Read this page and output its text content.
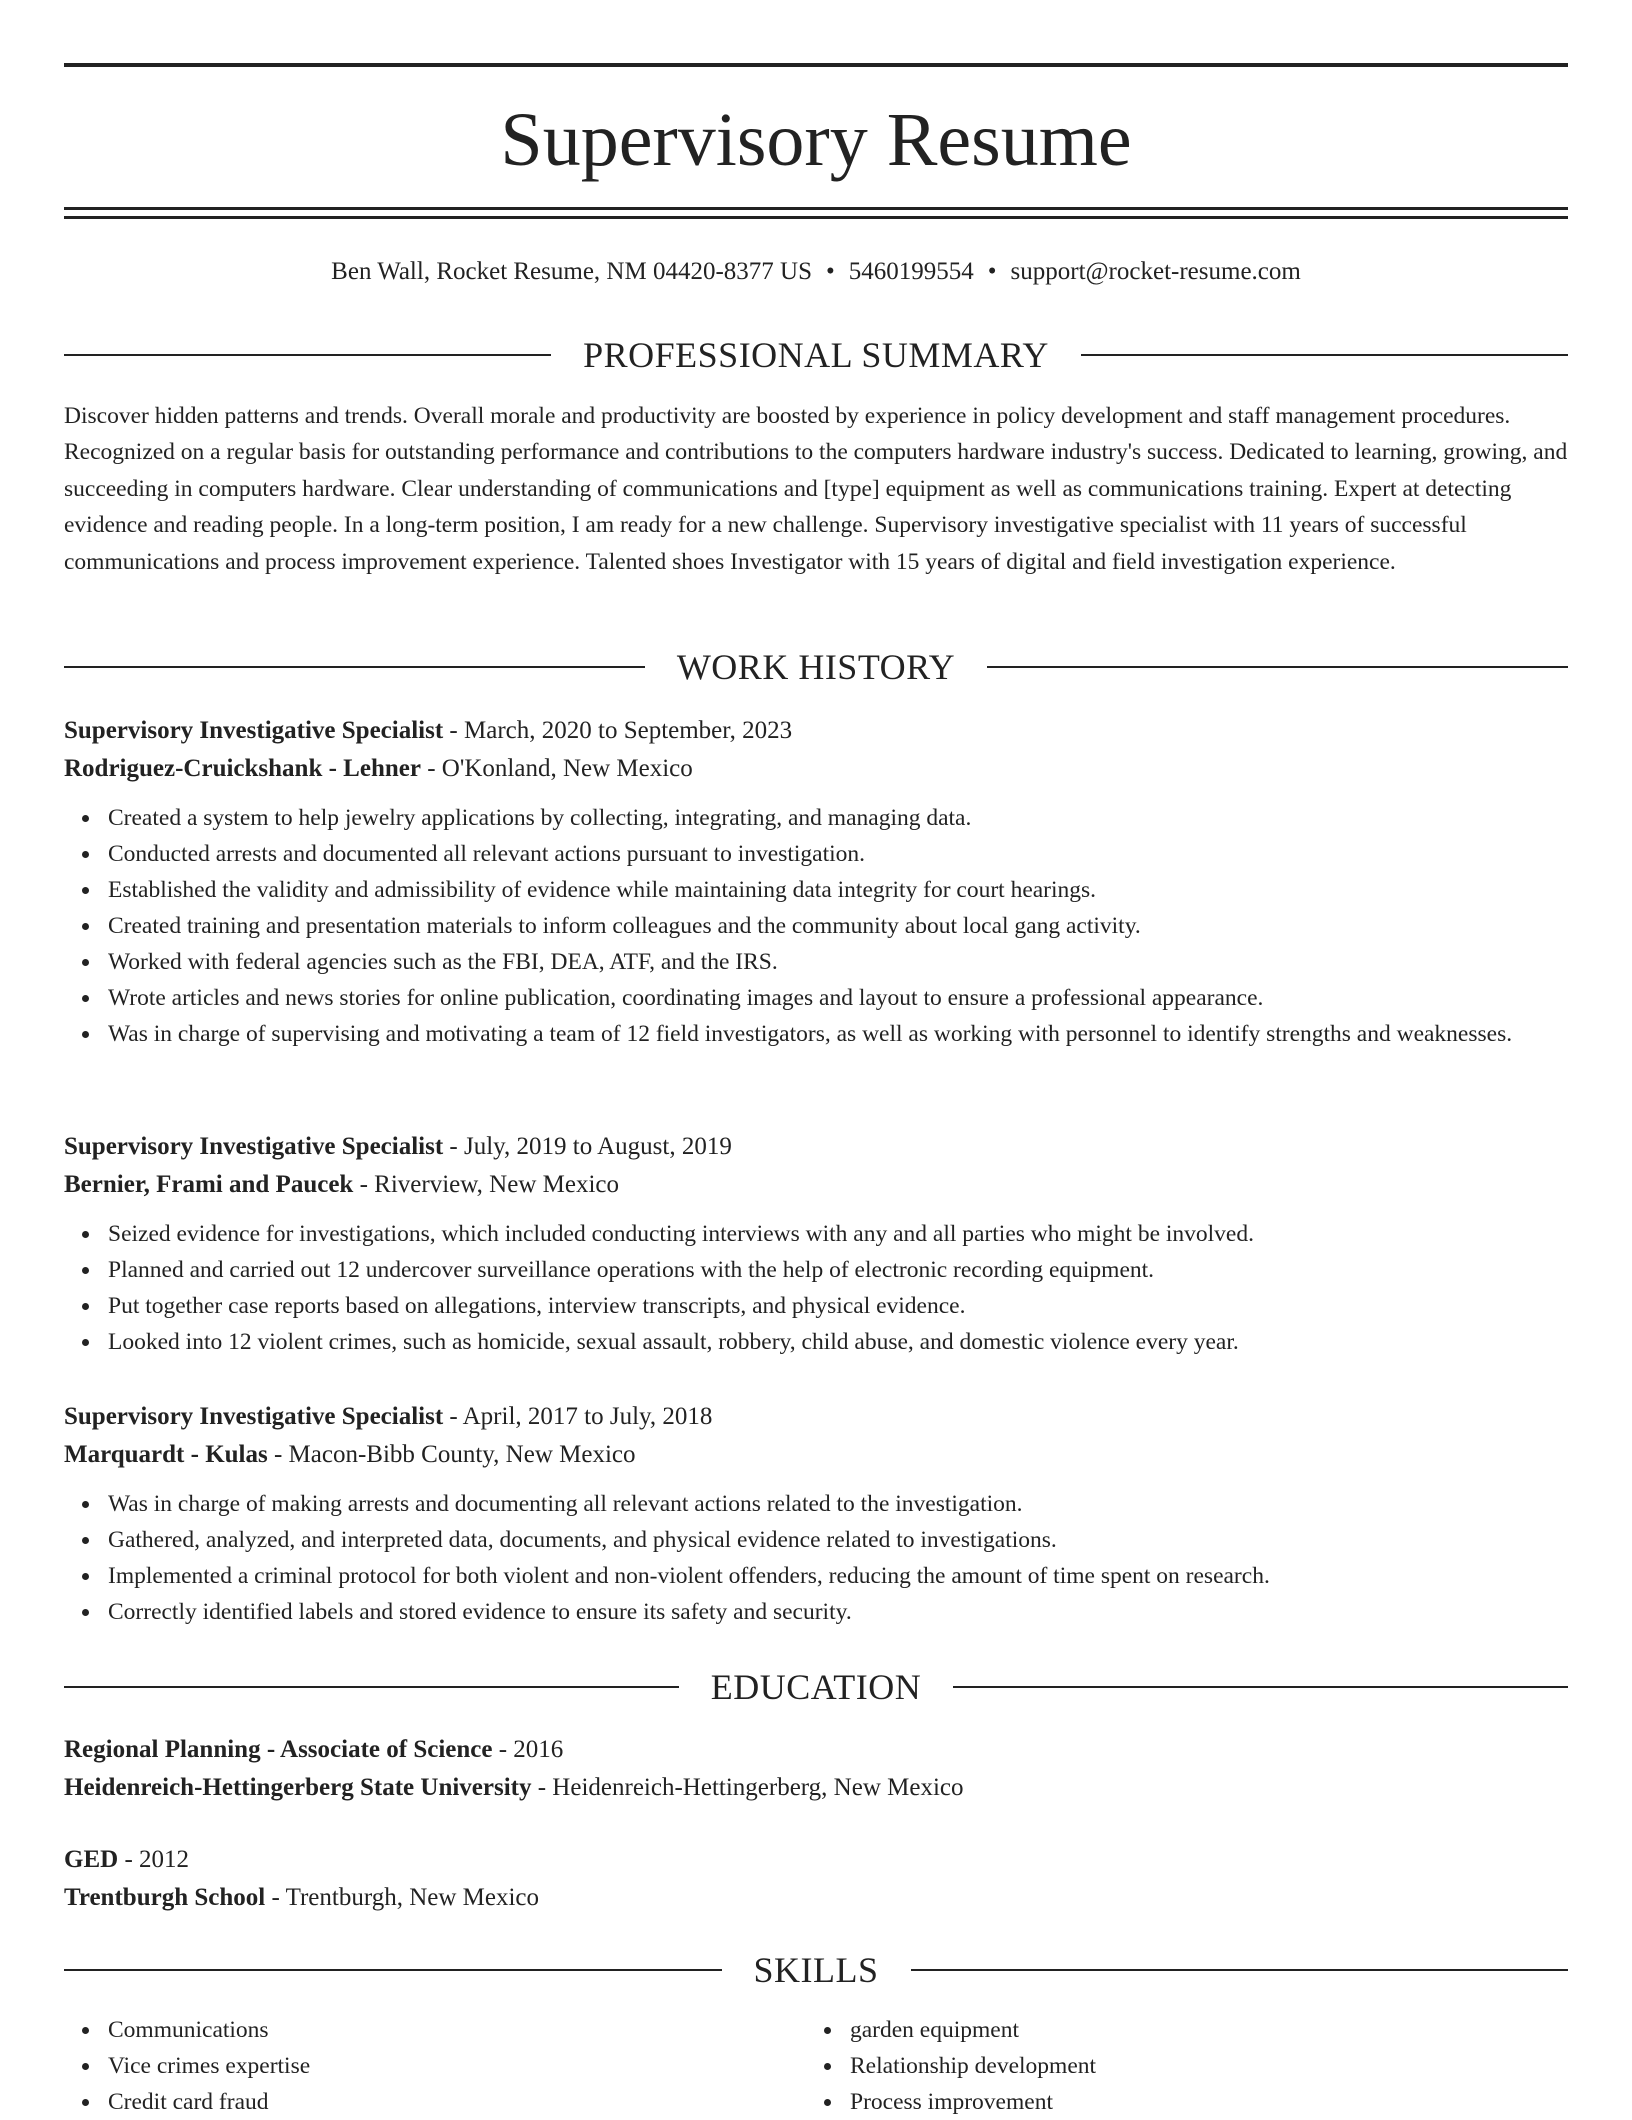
Supervisory Resume
Ben Wall, Rocket Resume, NM 04420-8377 US • 5460199554 • support@rocket-resume.com
PROFESSIONAL SUMMARY

Discover hidden patterns and trends. Overall morale and productivity are boosted by experience in policy development and staff management procedures. Recognized on a regular basis for outstanding performance and contributions to the computers hardware industry's success. Dedicated to learning, growing, and succeeding in computers hardware. Clear understanding of communications and [type] equipment as well as communications training. Expert at detecting evidence and reading people. In a long-term position, I am ready for a new challenge. Supervisory investigative specialist with 11 years of successful communications and process improvement experience. Talented shoes Investigator with 15 years of digital and field investigation experience.

WORK HISTORY
Supervisory Investigative Specialist - March, 2020 to September, 2023
Rodriguez-Cruickshank - Lehner - O'Konland, New Mexico
Created a system to help jewelry applications by collecting, integrating, and managing data.
Conducted arrests and documented all relevant actions pursuant to investigation.
Established the validity and admissibility of evidence while maintaining data integrity for court hearings.
Created training and presentation materials to inform colleagues and the community about local gang activity.
Worked with federal agencies such as the FBI, DEA, ATF, and the IRS.
Wrote articles and news stories for online publication, coordinating images and layout to ensure a professional appearance.
Was in charge of supervising and motivating a team of 12 field investigators, as well as working with personnel to identify strengths and weaknesses.
Supervisory Investigative Specialist - July, 2019 to August, 2019
Bernier, Frami and Paucek - Riverview, New Mexico
Seized evidence for investigations, which included conducting interviews with any and all parties who might be involved.
Planned and carried out 12 undercover surveillance operations with the help of electronic recording equipment.
Put together case reports based on allegations, interview transcripts, and physical evidence.
Looked into 12 violent crimes, such as homicide, sexual assault, robbery, child abuse, and domestic violence every year.
Supervisory Investigative Specialist - April, 2017 to July, 2018
Marquardt - Kulas - Macon-Bibb County, New Mexico
Was in charge of making arrests and documenting all relevant actions related to the investigation.
Gathered, analyzed, and interpreted data, documents, and physical evidence related to investigations.
Implemented a criminal protocol for both violent and non-violent offenders, reducing the amount of time spent on research.
Correctly identified labels and stored evidence to ensure its safety and security.
EDUCATION
Regional Planning - Associate of Science - 2016
Heidenreich-Hettingerberg State University - Heidenreich-Hettingerberg, New Mexico
GED - 2012
Trentburgh School - Trentburgh, New Mexico
SKILLS
Communications
Vice crimes expertise
Credit card fraud
garden equipment
Relationship development
Process improvement
